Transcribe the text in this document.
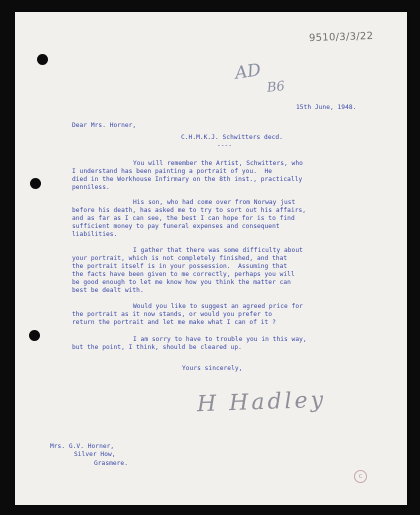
9510/3/3/22
AD
B6
15th June, 1948.
Dear Mrs. Horner,
C.H.M.K.J. Schwitters decd.
----
You will remember the Artist, Schwitters, who
I understand has been painting a portrait of you.  He
died in the Workhouse Infirmary on the 8th inst., practically
penniless.
His son, who had come over from Norway just
before his death, has asked me to try to sort out his affairs,
and as far as I can see, the best I can hope for is to find
sufficient money to pay funeral expenses and consequent
liabilities.
I gather that there was some difficulty about
your portrait, which is not completely finished, and that
the portrait itself is in your possession.  Assuming that
the facts have been given to me correctly, perhaps you will
be good enough to let me know how you think the matter can
best be dealt with.
Would you like to suggest an agreed price for
the portrait as it now stands, or would you prefer to
return the portrait and let me make what I can of it ?
I am sorry to have to trouble you in this way,
but the point, I think, should be cleared up.
Yours sincerely,
H Hadley
Mrs. G.V. Horner,
Silver How,
Grasmere.
c
